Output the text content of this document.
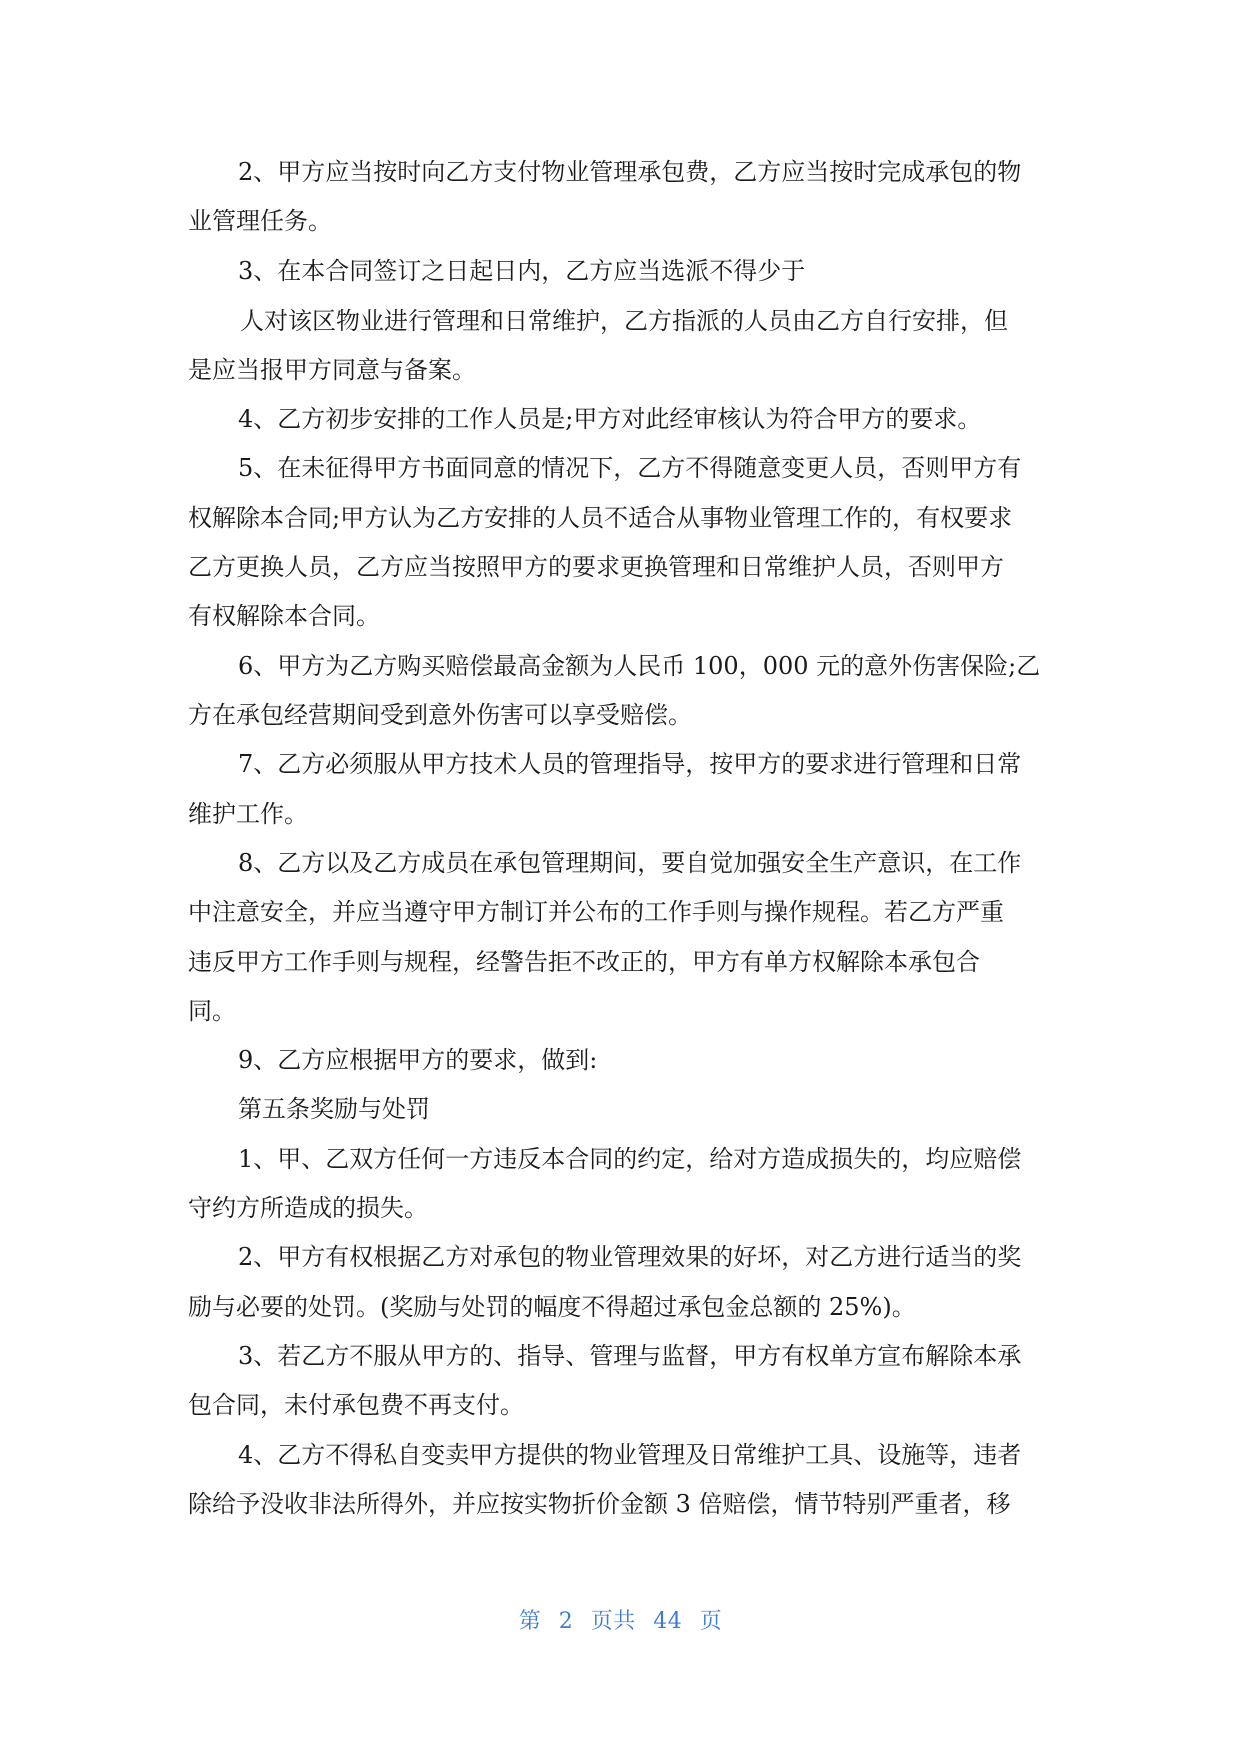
2、甲方应当按时向乙方支付物业管理承包费，乙方应当按时完成承包的物
业管理任务。
3、在本合同签订之日起日内，乙方应当选派不得少于
人对该区物业进行管理和日常维护，乙方指派的人员由乙方自行安排，但
是应当报甲方同意与备案。
4、乙方初步安排的工作人员是;甲方对此经审核认为符合甲方的要求。
5、在未征得甲方书面同意的情况下，乙方不得随意变更人员，否则甲方有
权解除本合同;甲方认为乙方安排的人员不适合从事物业管理工作的，有权要求
乙方更换人员，乙方应当按照甲方的要求更换管理和日常维护人员，否则甲方
有权解除本合同。
6、甲方为乙方购买赔偿最高金额为人民币 100，000 元的意外伤害保险;乙
方在承包经营期间受到意外伤害可以享受赔偿。
7、乙方必须服从甲方技术人员的管理指导，按甲方的要求进行管理和日常
维护工作。
8、乙方以及乙方成员在承包管理期间，要自觉加强安全生产意识，在工作
中注意安全，并应当遵守甲方制订并公布的工作手则与操作规程。若乙方严重
违反甲方工作手则与规程，经警告拒不改正的，甲方有单方权解除本承包合
同。
9、乙方应根据甲方的要求，做到:
第五条奖励与处罚
1、甲、乙双方任何一方违反本合同的约定，给对方造成损失的，均应赔偿
守约方所造成的损失。
2、甲方有权根据乙方对承包的物业管理效果的好坏，对乙方进行适当的奖
励与必要的处罚。(奖励与处罚的幅度不得超过承包金总额的 25%)。
3、若乙方不服从甲方的、指导、管理与监督，甲方有权单方宣布解除本承
包合同，未付承包费不再支付。
4、乙方不得私自变卖甲方提供的物业管理及日常维护工具、设施等，违者
除给予没收非法所得外，并应按实物折价金额 3 倍赔偿，情节特别严重者，移
第 2 页共 44 页
